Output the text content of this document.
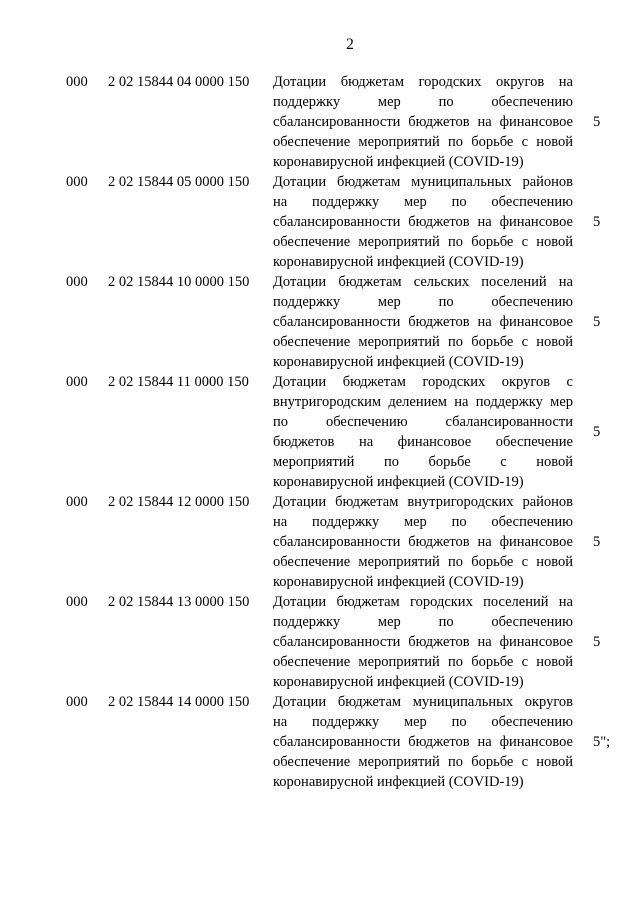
2
000	2 02 15844 04 0000 150	Дотации бюджетам городских округов на
поддержку мер по обеспечению
сбалансированности бюджетов на финансовое
обеспечение мероприятий по борьбе с новой
коронавирусной инфекцией (COVID-19)
5
000	2 02 15844 05 0000 150	Дотации бюджетам муниципальных районов
на поддержку мер по обеспечению
сбалансированности бюджетов на финансовое
обеспечение мероприятий по борьбе с новой
коронавирусной инфекцией (COVID-19)
5
000	2 02 15844 10 0000 150	Дотации бюджетам сельских поселений на
поддержку мер по обеспечению
сбалансированности бюджетов на финансовое
обеспечение мероприятий по борьбе с новой
коронавирусной инфекцией (COVID-19)
5
000	2 02 15844 11 0000 150	Дотации бюджетам городских округов с
внутригородским делением на поддержку мер
по обеспечению сбалансированности
бюджетов на финансовое обеспечение
мероприятий по борьбе с новой
коронавирусной инфекцией (COVID-19)
5
000	2 02 15844 12 0000 150	Дотации бюджетам внутригородских районов
на поддержку мер по обеспечению
сбалансированности бюджетов на финансовое
обеспечение мероприятий по борьбе с новой
коронавирусной инфекцией (COVID-19)
5
000	2 02 15844 13 0000 150	Дотации бюджетам городских поселений на
поддержку мер по обеспечению
сбалансированности бюджетов на финансовое
обеспечение мероприятий по борьбе с новой
коронавирусной инфекцией (COVID-19)
5
000	2 02 15844 14 0000 150	Дотации бюджетам муниципальных округов
на поддержку мер по обеспечению
сбалансированности бюджетов на финансовое
обеспечение мероприятий по борьбе с новой
коронавирусной инфекцией (COVID-19)
5";
